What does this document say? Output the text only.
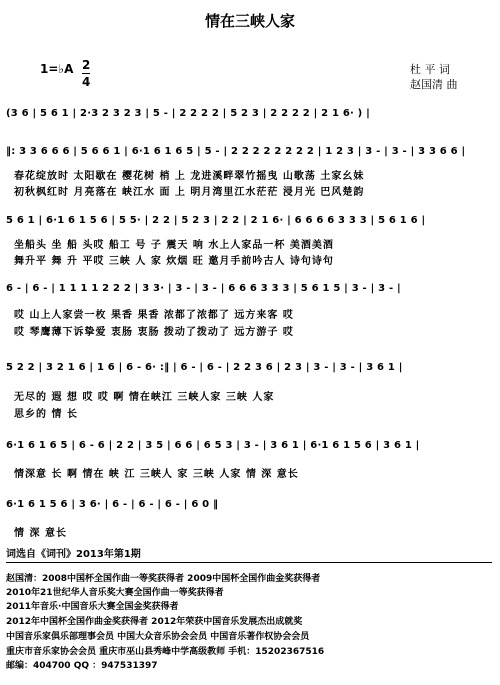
情在三峡人家
1=♭A 2
4
杜 平 词
赵国清 曲
(3 6 | 5 6 1 | 2·3 2 3 2 3 | 5 - | 2 2 2 2 | 5 2 3 | 2 2 2 2 | 2 1 6· ) |
‖: 3 3 6 6 6 | 5 6 6 1 | 6·1 6 1 6 5 | 5 - | 2 2 2 2 2 2 2 2 | 1 2 3 | 3 - | 3 - | 3 3 6 6 |
春花绽放时 太阳歇在 樱花树 梢 上 龙进溪畔翠竹摇曳 山歌荡 土家幺妹
初秋枫红时 月亮落在 峡江水 面 上 明月湾里江水茫茫 浸月光 巴风楚韵
5 6 1 | 6·1 6 1 5 6 | 5 5· | 2 2 | 5 2 3 | 2 2 | 2 1 6· | 6 6 6 6 3 3 3 | 5 6 1 6 |
坐船头 坐 船 头哎 船工 号 子 震天 响 水上人家品一杯 美酒美酒
舞升平 舞 升 平哎 三峡 人 家 炊烟 旺 邀月手前吟古人 诗句诗句
6 - | 6 - | 1 1 1 1 2 2 2 | 3 3· | 3 - | 3 - | 6 6 6 3 3 3 | 5 6 1 5 | 3 - | 3 - |
哎 山上人家尝一枚 果香 果香 浓都了浓都了 远方来客 哎
哎 琴鹰薄下诉挚爱 衷肠 衷肠 拨动了拨动了 远方游子 哎
5 2 2 | 3 2 1 6 | 1 6 | 6 - 6· :‖ | 6 - | 6 - | 2 2 3 6 | 2 3 | 3 - | 3 - | 3 6 1 |
无尽的 遐 想 哎 哎 啊 情在峡江 三峡人家 三峡 人家
思乡的 情 长
6·1 6 1 6 5 | 6 - 6 | 2 2 | 3 5 | 6 6 | 6 5 3 | 3 - | 3 6 1 | 6·1 6 1 5 6 | 3 6 1 |
情深意 长 啊 情在 峡 江 三峡人 家 三峡 人家 情 深 意长
6·1 6 1 5 6 | 3 6· | 6 - | 6 - | 6 - | 6 0 ‖
情 深 意长
词选自《词刊》2013年第1期
赵国清：2008中国杯全国作曲一等奖获得者 2009中国杯全国作曲金奖获得者
2010年21世纪华人音乐奖大赛全国作曲一等奖获得者
2011年音乐·中国音乐大赛全国金奖获得者
2012年中国杯全国作曲金奖获得者 2012年荣获中国音乐发展杰出成就奖
中国音乐家俱乐部理事会员 中国大众音乐协会会员 中国音乐著作权协会会员
重庆市音乐家协会会员 重庆市巫山县秀峰中学高级教师 手机：15202367516
邮编：404700 QQ ：947531397
